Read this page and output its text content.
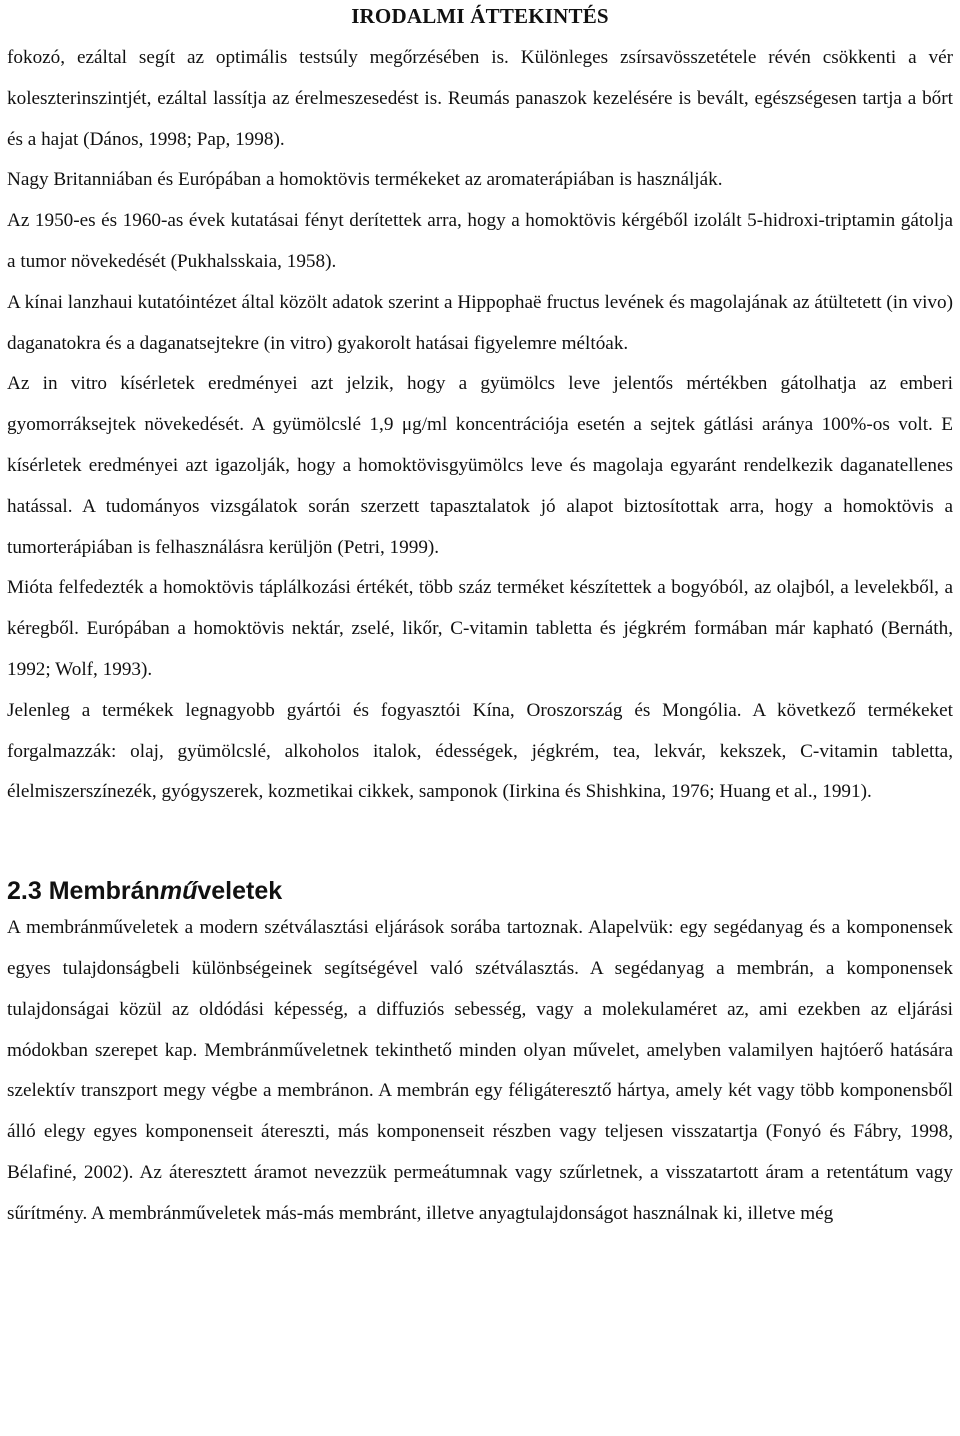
IRODALMI ÁTTEKINTÉS

fokozó, ezáltal segít az optimális testsúly megőrzésében is. Különleges zsírsavösszetétele révén csökkenti a vér koleszterinszintjét, ezáltal lassítja az érelmeszesedést is. Reumás panaszok kezelésére is bevált, egészségesen tartja a bőrt és a hajat (Dános, 1998; Pap, 1998).

Nagy Britanniában és Európában a homoktövis termékeket az aromaterápiában is használják.

Az 1950-es és 1960-as évek kutatásai fényt derítettek arra, hogy a homoktövis kérgéből izolált 5-hidroxi-triptamin gátolja a tumor növekedését (Pukhalsskaia, 1958).

A kínai lanzhaui kutatóintézet által közölt adatok szerint a Hippophaë fructus levének és magolajának az átültetett (in vivo) daganatokra és a daganatsejtekre (in vitro) gyakorolt hatásai figyelemre méltóak.

Az in vitro kísérletek eredményei azt jelzik, hogy a gyümölcs leve jelentős mértékben gátolhatja az emberi gyomorráksejtek növekedését. A gyümölcslé 1,9 μg/ml koncentrációja esetén a sejtek gátlási aránya 100%-os volt. E kísérletek eredményei azt igazolják, hogy a homoktövisgyümölcs leve és magolaja egyaránt rendelkezik daganatellenes hatással. A tudományos vizsgálatok során szerzett tapasztalatok jó alapot biztosítottak arra, hogy a homoktövis a tumorterápiában is felhasználásra kerüljön (Petri, 1999).

Mióta felfedezték a homoktövis táplálkozási értékét, több száz terméket készítettek a bogyóból, az olajból, a levelekből, a kéregből. Európában a homoktövis nektár, zselé, likőr, C-vitamin tabletta és jégkrém formában már kapható (Bernáth, 1992; Wolf, 1993).

Jelenleg a termékek legnagyobb gyártói és fogyasztói Kína, Oroszország és Mongólia. A következő termékeket forgalmazzák: olaj, gyümölcslé, alkoholos italok, édességek, jégkrém, tea, lekvár, kekszek, C-vitamin tabletta, élelmiszerszínezék, gyógyszerek, kozmetikai cikkek, samponok (Iirkina és Shishkina, 1976; Huang et al., 1991).

2.3 Membránműveletek

A membránműveletek a modern szétválasztási eljárások sorába tartoznak. Alapelvük: egy segédanyag és a komponensek egyes tulajdonságbeli különbségeinek segítségével való szétválasztás. A segédanyag a membrán, a komponensek tulajdonságai közül az oldódási képesség, a diffuziós sebesség, vagy a molekulaméret az, ami ezekben az eljárási módokban szerepet kap. Membránműveletnek tekinthető minden olyan művelet, amelyben valamilyen hajtóerő hatására szelektív transzport megy végbe a membránon. A membrán egy féligáteresztő hártya, amely két vagy több komponensből álló elegy egyes komponenseit átereszti, más komponenseit részben vagy teljesen visszatartja (Fonyó és Fábry, 1998, Bélafiné, 2002). Az áteresztett áramot nevezzük permeátumnak vagy szűrletnek, a visszatartott áram a retentátum vagy sűrítmény. A membránműveletek más-más membránt, illetve anyagtulajdonságot használnak ki, illetve még
